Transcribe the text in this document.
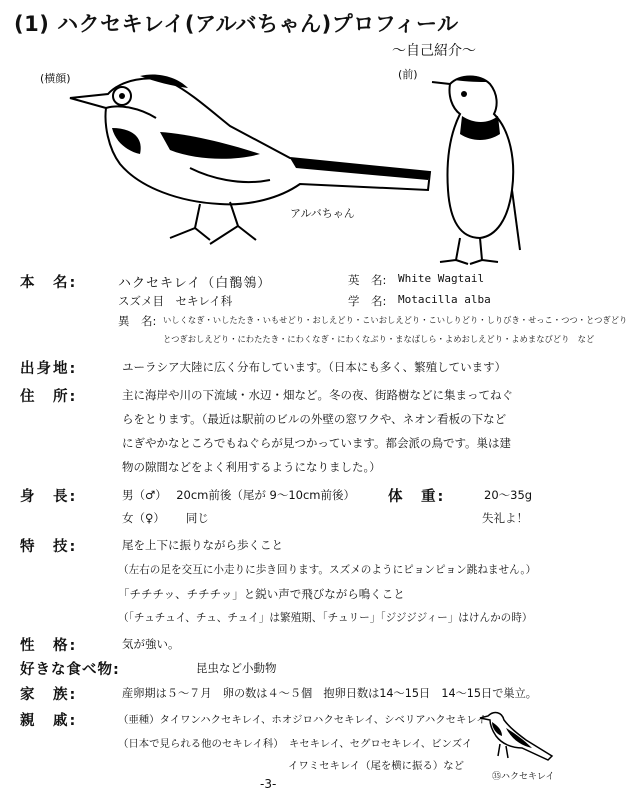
(1) ハクセキレイ(アルバちゃん)プロフィール
〜自己紹介〜
(横顔)	(前)
アルバちゃん
本　名:	ハクセキレイ（白鶺鴒）
スズメ目　セキレイ科
英　名: White Wagtail
学　名: Motacilla alba
異　名: いしくなぎ・いしたたき・いもせどり・おしえどり・こいおしえどり・こいしりどり・しりびき・せっこ・つつ・とつぎどり
とつぎおしえどり・にわたたき・にわくなぎ・にわくなぶり・まなばしら・よめおしえどり・よめまなびどり　など
出身地:	ユーラシア大陸に広く分布しています。（日本にも多く、繁殖しています）
住　所:	主に海岸や川の下流域・水辺・畑など。冬の夜、街路樹などに集まってねぐ
らをとります。（最近は駅前のビルの外壁の窓ワクや、ネオン看板の下など
にぎやかなところでもねぐらが見つかっています。都会派の鳥です。巣は建
物の隙間などをよく利用するようになりました。）
身　長:	男（♂）　 20cm前後（尾が 9〜10cm前後）
女（♀）　　 同じ
体　重:	20〜35g
失礼よ！
特　技:	尾を上下に振りながら歩くこと
（左右の足を交互に小走りに歩き回ります。スズメのようにピョンピョン跳ねません。）
「チチチッ、チチチッ」と鋭い声で飛びながら鳴くこと
（「チュチュイ、チュ、チュイ」は繁殖期、「チュリー」「ジジジジィー」はけんかの時）
性　格:	気が強い。
好きな食べ物:	昆虫など小動物
家　族:	産卵期は５〜７月　卵の数は４〜５個　抱卵日数は14〜15日　14〜15日で巣立。
親　戚:	（亜種）タイワンハクセキレイ、ホオジロハクセキレイ、シベリアハクセキレイ
（日本で見られる他のセキレイ科）　キセキレイ、セグロセキレイ、ビンズイ
イワミセキレイ（尾を横に振る）など
㉟ハクセキレイ
-3-
